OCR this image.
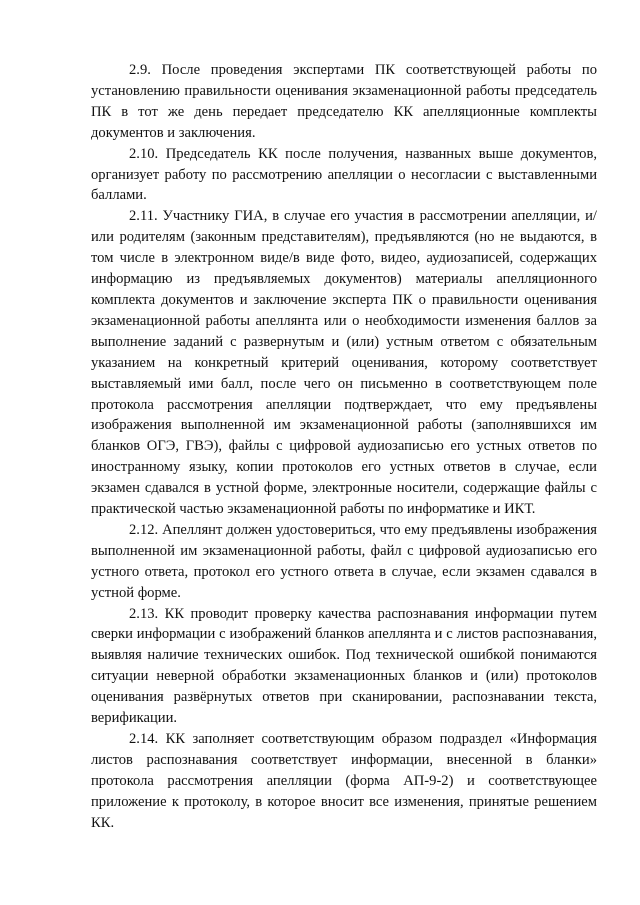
2.9. После проведения экспертами ПК соответствующей работы по установлению правильности оценивания экзаменационной работы председатель ПК в тот же день передает председателю КК апелляционные комплекты документов и заключения.

2.10. Председатель КК после получения, названных выше документов, организует работу по рассмотрению апелляции о несогласии с выставленными баллами.

2.11. Участнику ГИА, в случае его участия в рассмотрении апелляции, и/или родителям (законным представителям), предъявляются (но не выдаются, в том числе в электронном виде/в виде фото, видео, аудиозаписей, содержащих информацию из предъявляемых документов) материалы апелляционного комплекта документов и заключение эксперта ПК о правильности оценивания экзаменационной работы апеллянта или о необходимости изменения баллов за выполнение заданий с развернутым и (или) устным ответом с обязательным указанием на конкретный критерий оценивания, которому соответствует выставляемый ими балл, после чего он письменно в соответствующем поле протокола рассмотрения апелляции подтверждает, что ему предъявлены изображения выполненной им экзаменационной работы (заполнявшихся им бланков ОГЭ, ГВЭ), файлы с цифровой аудиозаписью его устных ответов по иностранному языку, копии протоколов его устных ответов в случае, если экзамен сдавался в устной форме, электронные носители, содержащие файлы с практической частью экзаменационной работы по информатике и ИКТ.

2.12. Апеллянт должен удостовериться, что ему предъявлены изображения выполненной им экзаменационной работы, файл с цифровой аудиозаписью его устного ответа, протокол его устного ответа в случае, если экзамен сдавался в устной форме.

2.13. КК проводит проверку качества распознавания информации путем сверки информации с изображений бланков апеллянта и с листов распознавания, выявляя наличие технических ошибок. Под технической ошибкой понимаются ситуации неверной обработки экзаменационных бланков и (или) протоколов оценивания развёрнутых ответов при сканировании, распознавании текста, верификации.

2.14. КК заполняет соответствующим образом подраздел «Информация листов распознавания соответствует информации, внесенной в бланки» протокола рассмотрения апелляции (форма АП-9-2) и соответствующее приложение к протоколу, в которое вносит все изменения, принятые решением КК.
